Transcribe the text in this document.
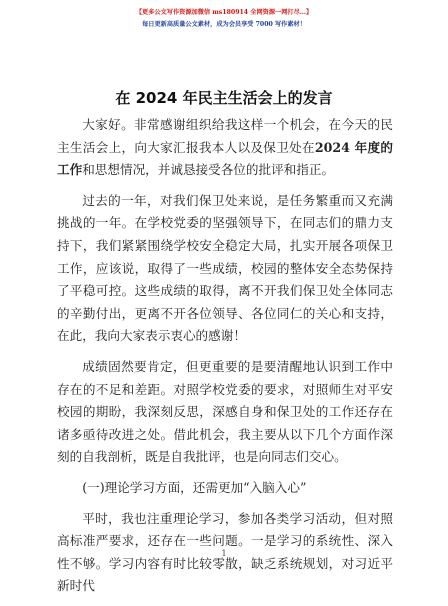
【更多公文写作资源加微信 ms180914 全网资源一网打尽…】
每日更新高质量公文素材，成为会员享受 7000 写作素材！
在 2024 年民主生活会上的发言

大家好。非常感谢组织给我这样一个机会，在今天的民主生活会上，向大家汇报我本人以及保卫处在2024 年度的工作和思想情况，并诚恳接受各位的批评和指正。

过去的一年，对我们保卫处来说，是任务繁重而又充满挑战的一年。在学校党委的坚强领导下，在同志们的鼎力支持下，我们紧紧围绕学校安全稳定大局，扎实开展各项保卫工作，应该说，取得了一些成绩，校园的整体安全态势保持了平稳可控。这些成绩的取得，离不开我们保卫处全体同志的辛勤付出，更离不开各位领导、各位同仁的关心和支持，在此，我向大家表示衷心的感谢！

成绩固然要肯定，但更重要的是要清醒地认识到工作中存在的不足和差距。对照学校党委的要求，对照师生对平安校园的期盼，我深刻反思，深感自身和保卫处的工作还存在诸多亟待改进之处。借此机会，我主要从以下几个方面作深刻的自我剖析，既是自我批评，也是向同志们交心。

(一)理论学习方面，还需更加“入脑入心”

平时，我也注重理论学习，参加各类学习活动，但对照高标准严要求，还存在一些问题。一是学习的系统性、深入性不够。学习内容有时比较零散，缺乏系统规划，对习近平新时代

1
